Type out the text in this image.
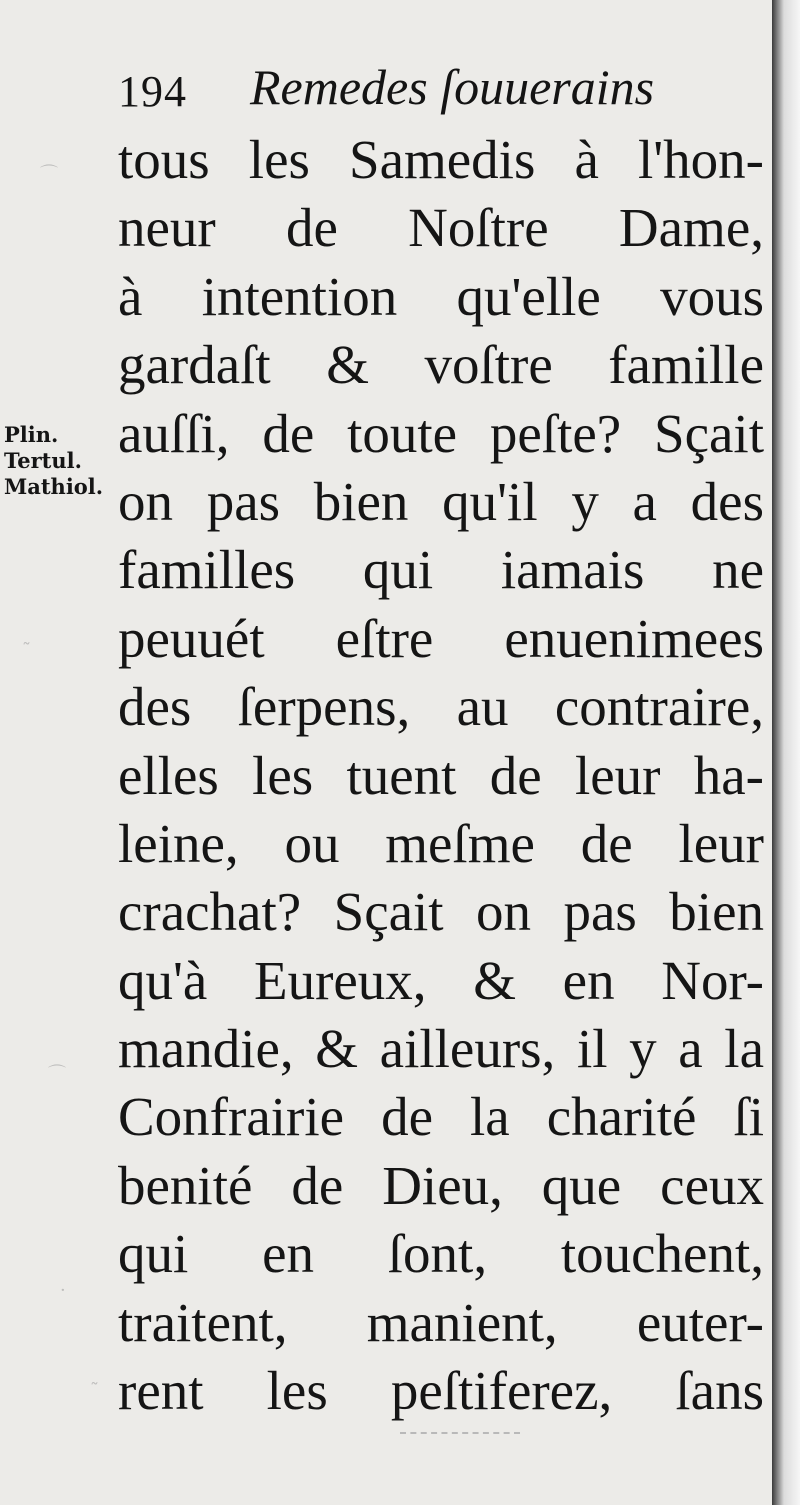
⌒
˜
⌒
·
˜
194 Remedes ſouuerains
Plin.
Tertul.
Mathiol.
tous les Samedis à l'hon-
neur de Noſtre Dame,
à intention qu'elle vous
gardaſt & voſtre famille
auſſi, de toute peſte? Sçait
on pas bien qu'il y a des
familles qui iamais ne
peuuét eſtre enuenimees
des ſerpens, au contraire,
elles les tuent de leur ha-
leine, ou meſme de leur
crachat? Sçait on pas bien
qu'à Eureux, & en Nor-
mandie, & ailleurs, il y a la
Confrairie de la charité ſi
benité de Dieu, que ceux
qui en ſont, touchent,
traitent, manient, euter-
rent les peſtiferez, ſans
